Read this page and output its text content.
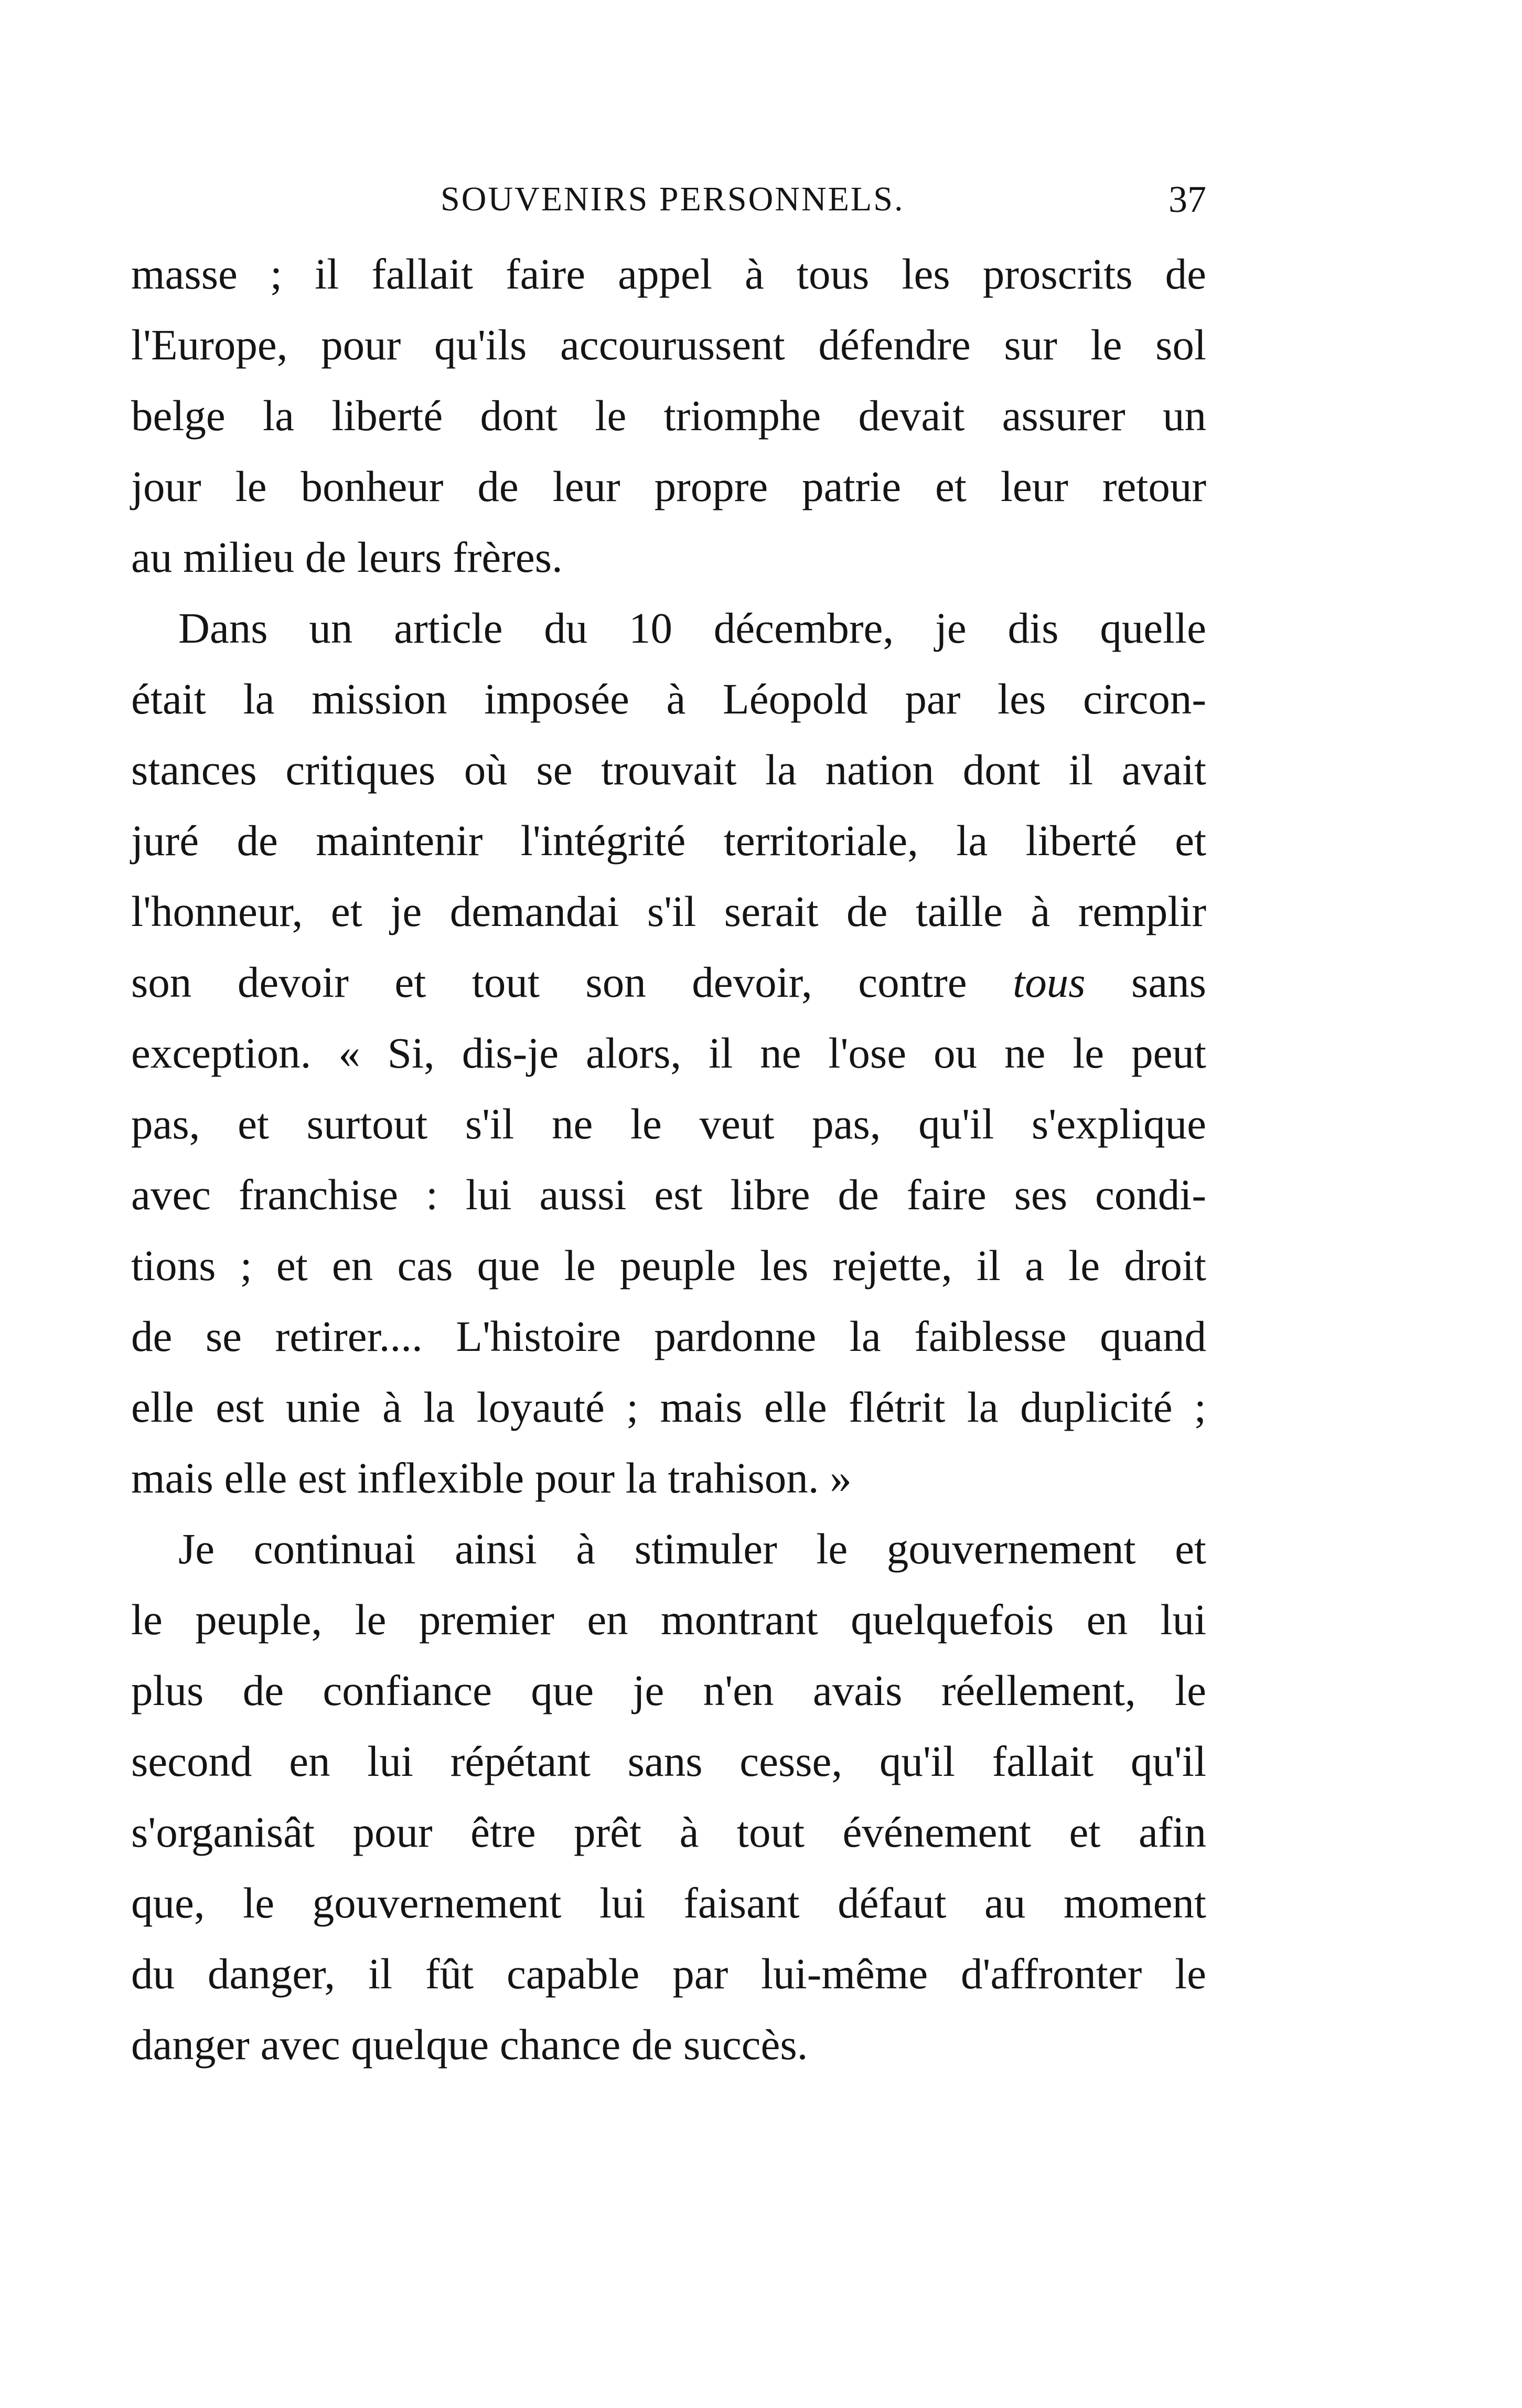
SOUVENIRS PERSONNELS.	37
masse ; il fallait faire appel à tous les proscrits de
l'Europe, pour qu'ils accourussent défendre sur le sol
belge la liberté dont le triomphe devait assurer un
jour le bonheur de leur propre patrie et leur retour
au milieu de leurs frères.
Dans un article du 10 décembre, je dis quelle
était la mission imposée à Léopold par les circon-
stances critiques où se trouvait la nation dont il avait
juré de maintenir l'intégrité territoriale, la liberté et
l'honneur, et je demandai s'il serait de taille à remplir
son devoir et tout son devoir, contre tous sans
exception. « Si, dis-je alors, il ne l'ose ou ne le peut
pas, et surtout s'il ne le veut pas, qu'il s'explique
avec franchise : lui aussi est libre de faire ses condi-
tions ; et en cas que le peuple les rejette, il a le droit
de se retirer.... L'histoire pardonne la faiblesse quand
elle est unie à la loyauté ; mais elle flétrit la duplicité ;
mais elle est inflexible pour la trahison. »
Je continuai ainsi à stimuler le gouvernement et
le peuple, le premier en montrant quelquefois en lui
plus de confiance que je n'en avais réellement, le
second en lui répétant sans cesse, qu'il fallait qu'il
s'organisât pour être prêt à tout événement et afin
que, le gouvernement lui faisant défaut au moment
du danger, il fût capable par lui-même d'affronter le
danger avec quelque chance de succès.
